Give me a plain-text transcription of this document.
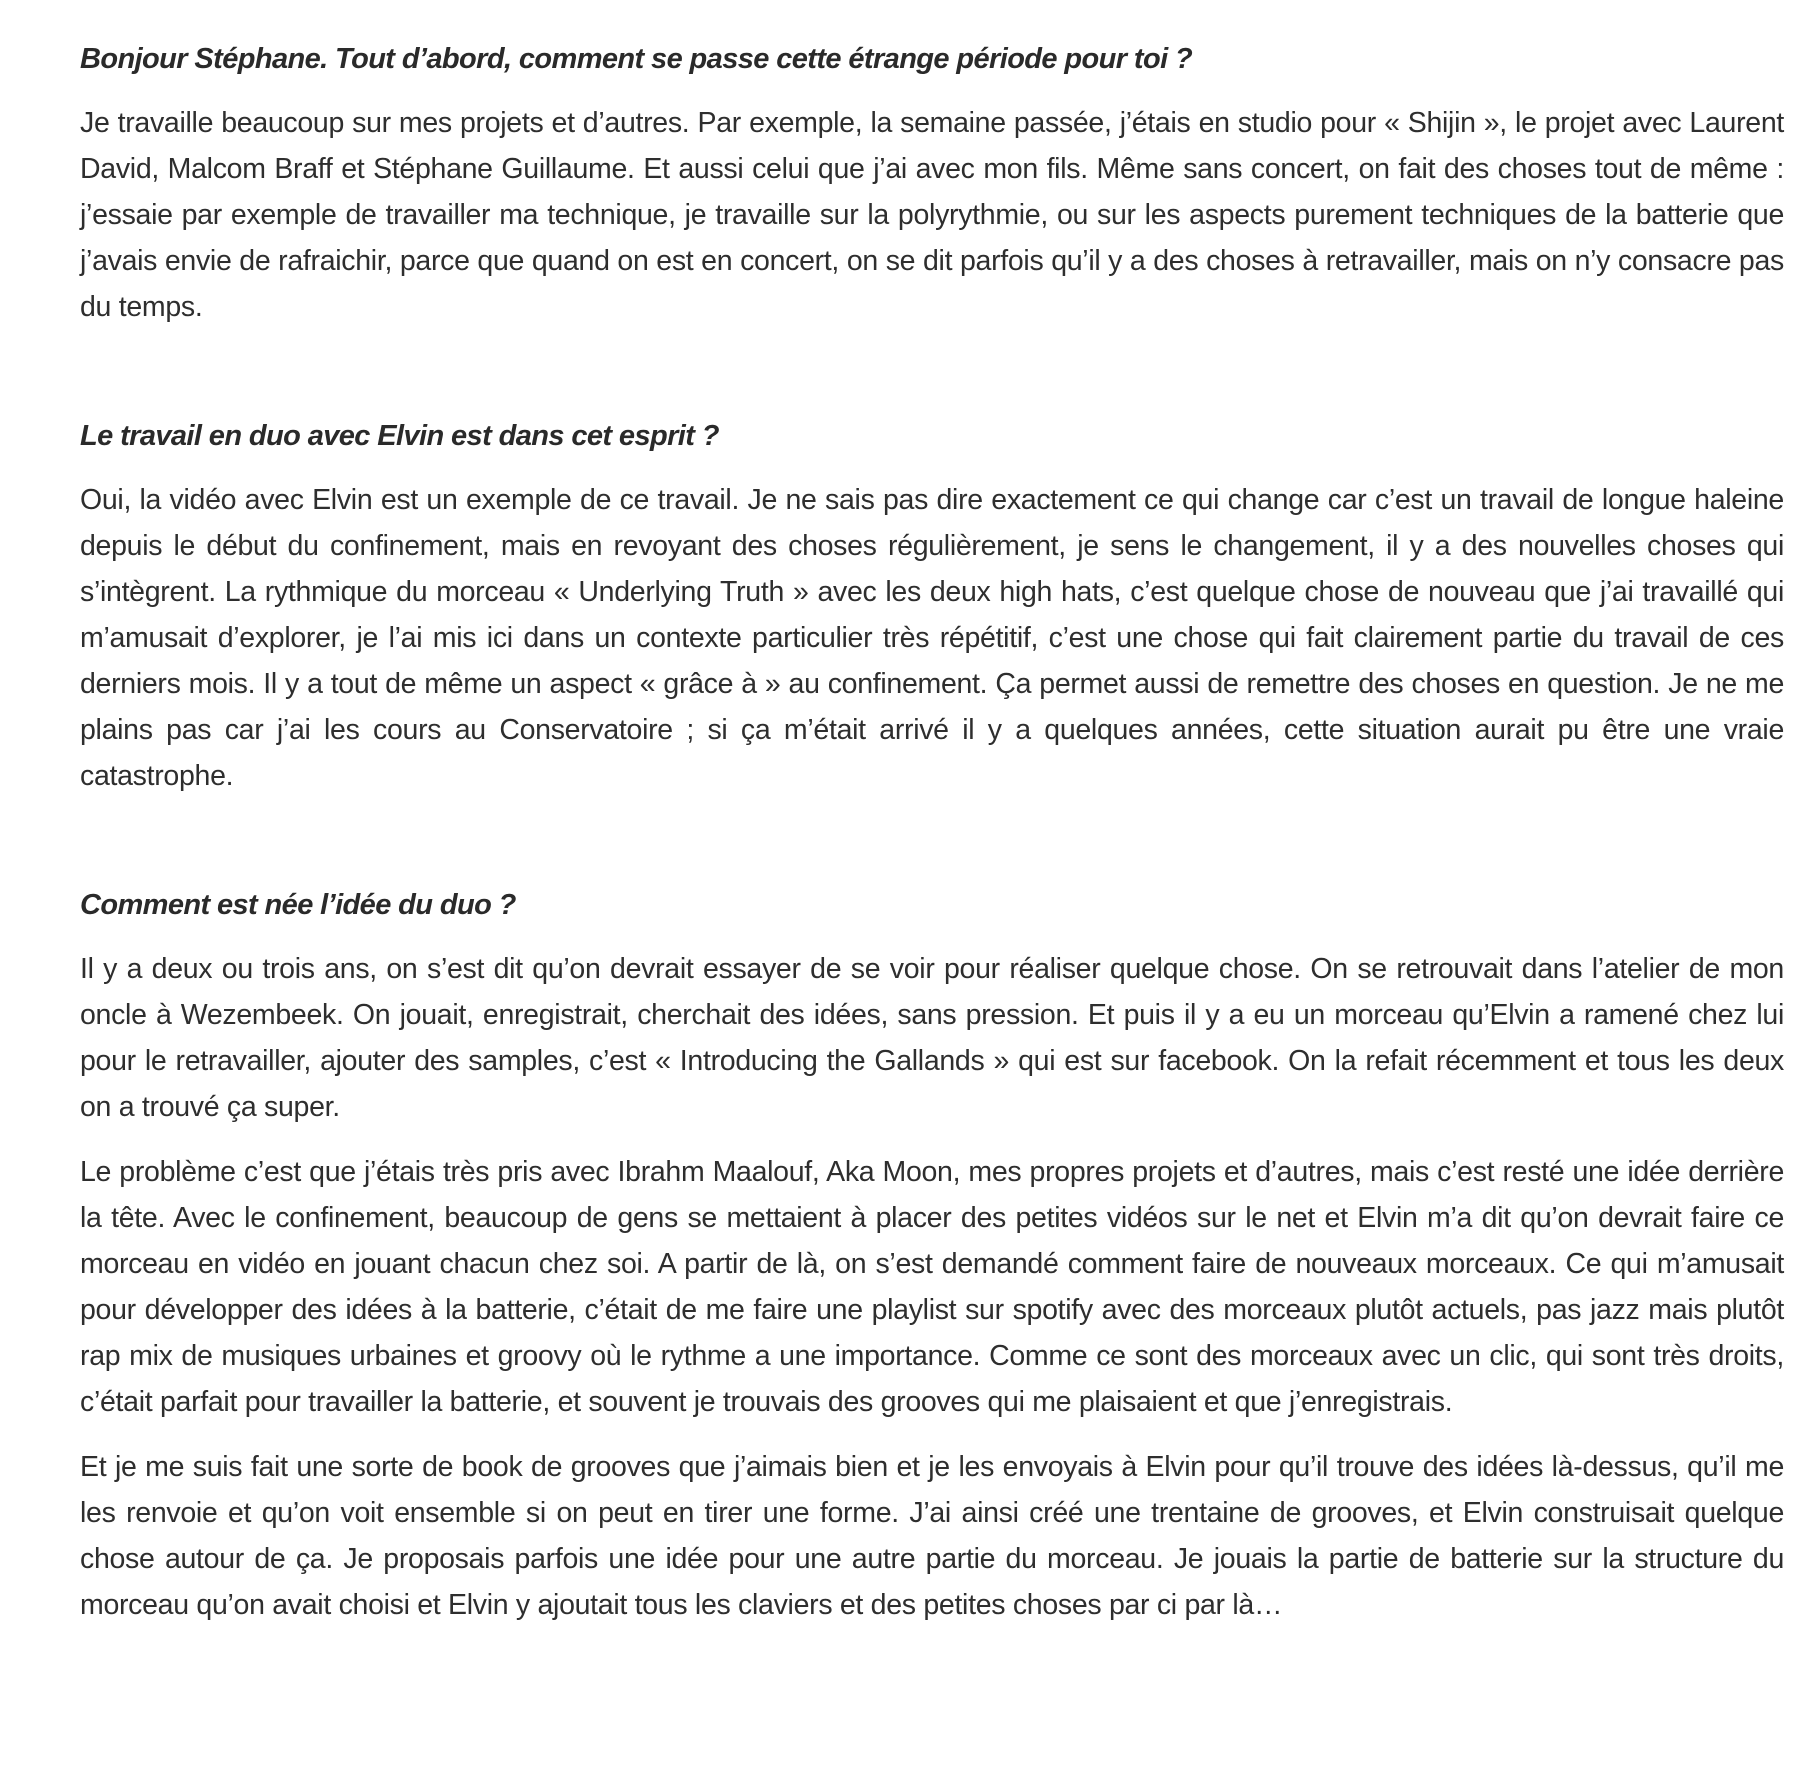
Bonjour Stéphane. Tout d’abord, comment se passe cette étrange période pour toi ?

Je travaille beaucoup sur mes projets et d’autres. Par exemple, la semaine passée, j’étais en studio pour « Shijin », le projet avec Laurent David, Malcom Braff et Stéphane Guillaume. Et aussi celui que j’ai avec mon fils. Même sans concert, on fait des choses tout de même : j’essaie par exemple de travailler ma technique, je travaille sur la polyrythmie, ou sur les aspects purement techniques de la batterie que j’avais envie de rafraichir, parce que quand on est en concert, on se dit parfois qu’il y a des choses à retravailler, mais on n’y consacre pas du temps.

Le travail en duo avec Elvin est dans cet esprit ?

Oui, la vidéo avec Elvin est un exemple de ce travail. Je ne sais pas dire exactement ce qui change car c’est un travail de longue haleine depuis le début du confinement, mais en revoyant des choses régulièrement, je sens le changement, il y a des nouvelles choses qui s’intègrent. La rythmique du morceau « Underlying Truth » avec les deux high hats, c’est quelque chose de nouveau que j’ai travaillé qui m’amusait d’explorer, je l’ai mis ici dans un contexte particulier très répétitif, c’est une chose qui fait clairement partie du travail de ces derniers mois. Il y a tout de même un aspect « grâce à » au confinement. Ça permet aussi de remettre des choses en question. Je ne me plains pas car j’ai les cours au Conservatoire ; si ça m’était arrivé il y a quelques années, cette situation aurait pu être une vraie catastrophe.

Comment est née l’idée du duo ?

Il y a deux ou trois ans, on s’est dit qu’on devrait essayer de se voir pour réaliser quelque chose. On se retrouvait dans l’atelier de mon oncle à Wezembeek. On jouait, enregistrait, cherchait des idées, sans pression. Et puis il y a eu un morceau qu’Elvin a ramené chez lui pour le retravailler, ajouter des samples, c’est « Introducing the Gallands » qui est sur facebook. On la refait récemment et tous les deux on a trouvé ça super.

Le problème c’est que j’étais très pris avec Ibrahm Maalouf, Aka Moon, mes propres projets et d’autres, mais c’est resté une idée derrière la tête. Avec le confinement, beaucoup de gens se mettaient à placer des petites vidéos sur le net et Elvin m’a dit qu’on devrait faire ce morceau en vidéo en jouant chacun chez soi. A partir de là, on s’est demandé comment faire de nouveaux morceaux. Ce qui m’amusait pour développer des idées à la batterie, c’était de me faire une playlist sur spotify avec des morceaux plutôt actuels, pas jazz mais plutôt rap mix de musiques urbaines et groovy où le rythme a une importance. Comme ce sont des morceaux avec un clic, qui sont très droits, c’était parfait pour travailler la batterie, et souvent je trouvais des grooves qui me plaisaient et que j’enregistrais.

Et je me suis fait une sorte de book de grooves que j’aimais bien et je les envoyais à Elvin pour qu’il trouve des idées là-dessus, qu’il me les renvoie et qu’on voit ensemble si on peut en tirer une forme. J’ai ainsi créé une trentaine de grooves, et Elvin construisait quelque chose autour de ça. Je proposais parfois une idée pour une autre partie du morceau. Je jouais la partie de batterie sur la structure du morceau qu’on avait choisi et Elvin y ajoutait tous les claviers et des petites choses par ci par là…
